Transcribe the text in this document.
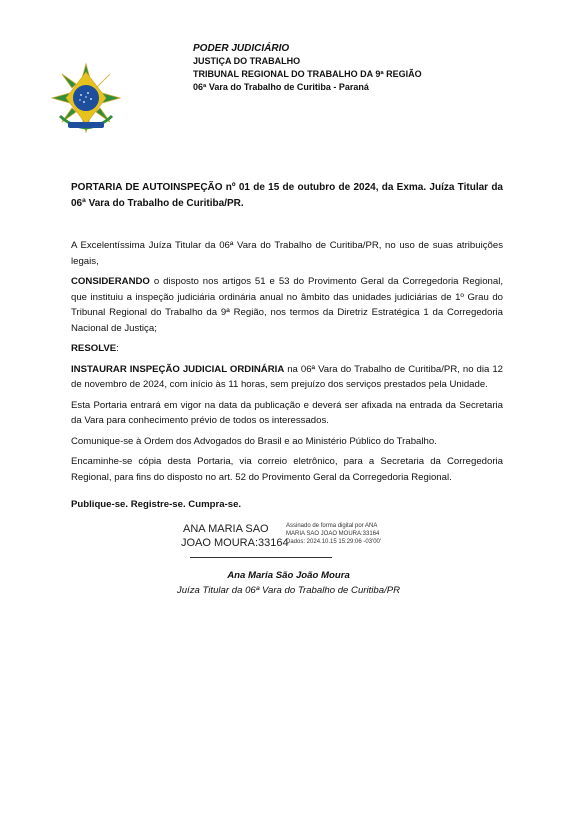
PODER JUDICIÁRIO
JUSTIÇA DO TRABALHO
TRIBUNAL REGIONAL DO TRABALHO DA 9ª REGIÃO
06ª Vara do Trabalho de Curitiba - Paraná
PORTARIA DE AUTOINSPEÇÃO nº 01 de 15 de outubro de 2024, da Exma. Juíza Titular da 06ª Vara do Trabalho de Curitiba/PR.

A Excelentíssima Juíza Titular da 06ª Vara do Trabalho de Curitiba/PR, no uso de suas atribuições legais,

CONSIDERANDO o disposto nos artigos 51 e 53 do Provimento Geral da Corregedoria Regional, que instituiu a inspeção judiciária ordinária anual no âmbito das unidades judiciárias de 1º Grau do Tribunal Regional do Trabalho da 9ª Região, nos termos da Diretriz Estratégica 1 da Corregedoria Nacional de Justiça;

RESOLVE:

INSTAURAR INSPEÇÃO JUDICIAL ORDINÁRIA na 06ª Vara do Trabalho de Curitiba/PR, no dia 12 de novembro de 2024, com início às 11 horas, sem prejuízo dos serviços prestados pela Unidade.

Esta Portaria entrará em vigor na data da publicação e deverá ser afixada na entrada da Secretaria da Vara para conhecimento prévio de todos os interessados.

Comunique-se à Ordem dos Advogados do Brasil e ao Ministério Público do Trabalho.

Encaminhe-se cópia desta Portaria, via correio eletrônico, para a Secretaria da Corregedoria Regional, para fins do disposto no art. 52 do Provimento Geral da Corregedoria Regional.

Publique-se. Registre-se. Cumpra-se.
ANA MARIA SAO
JOAO MOURA:33164
Assinado de forma digital por ANA
MARIA SAO JOAO MOURA:33164
Dados: 2024.10.15 15:29:06 -03'00'
Ana Maria São João Moura
Juíza Titular da 06ª Vara do Trabalho de Curitiba/PR
